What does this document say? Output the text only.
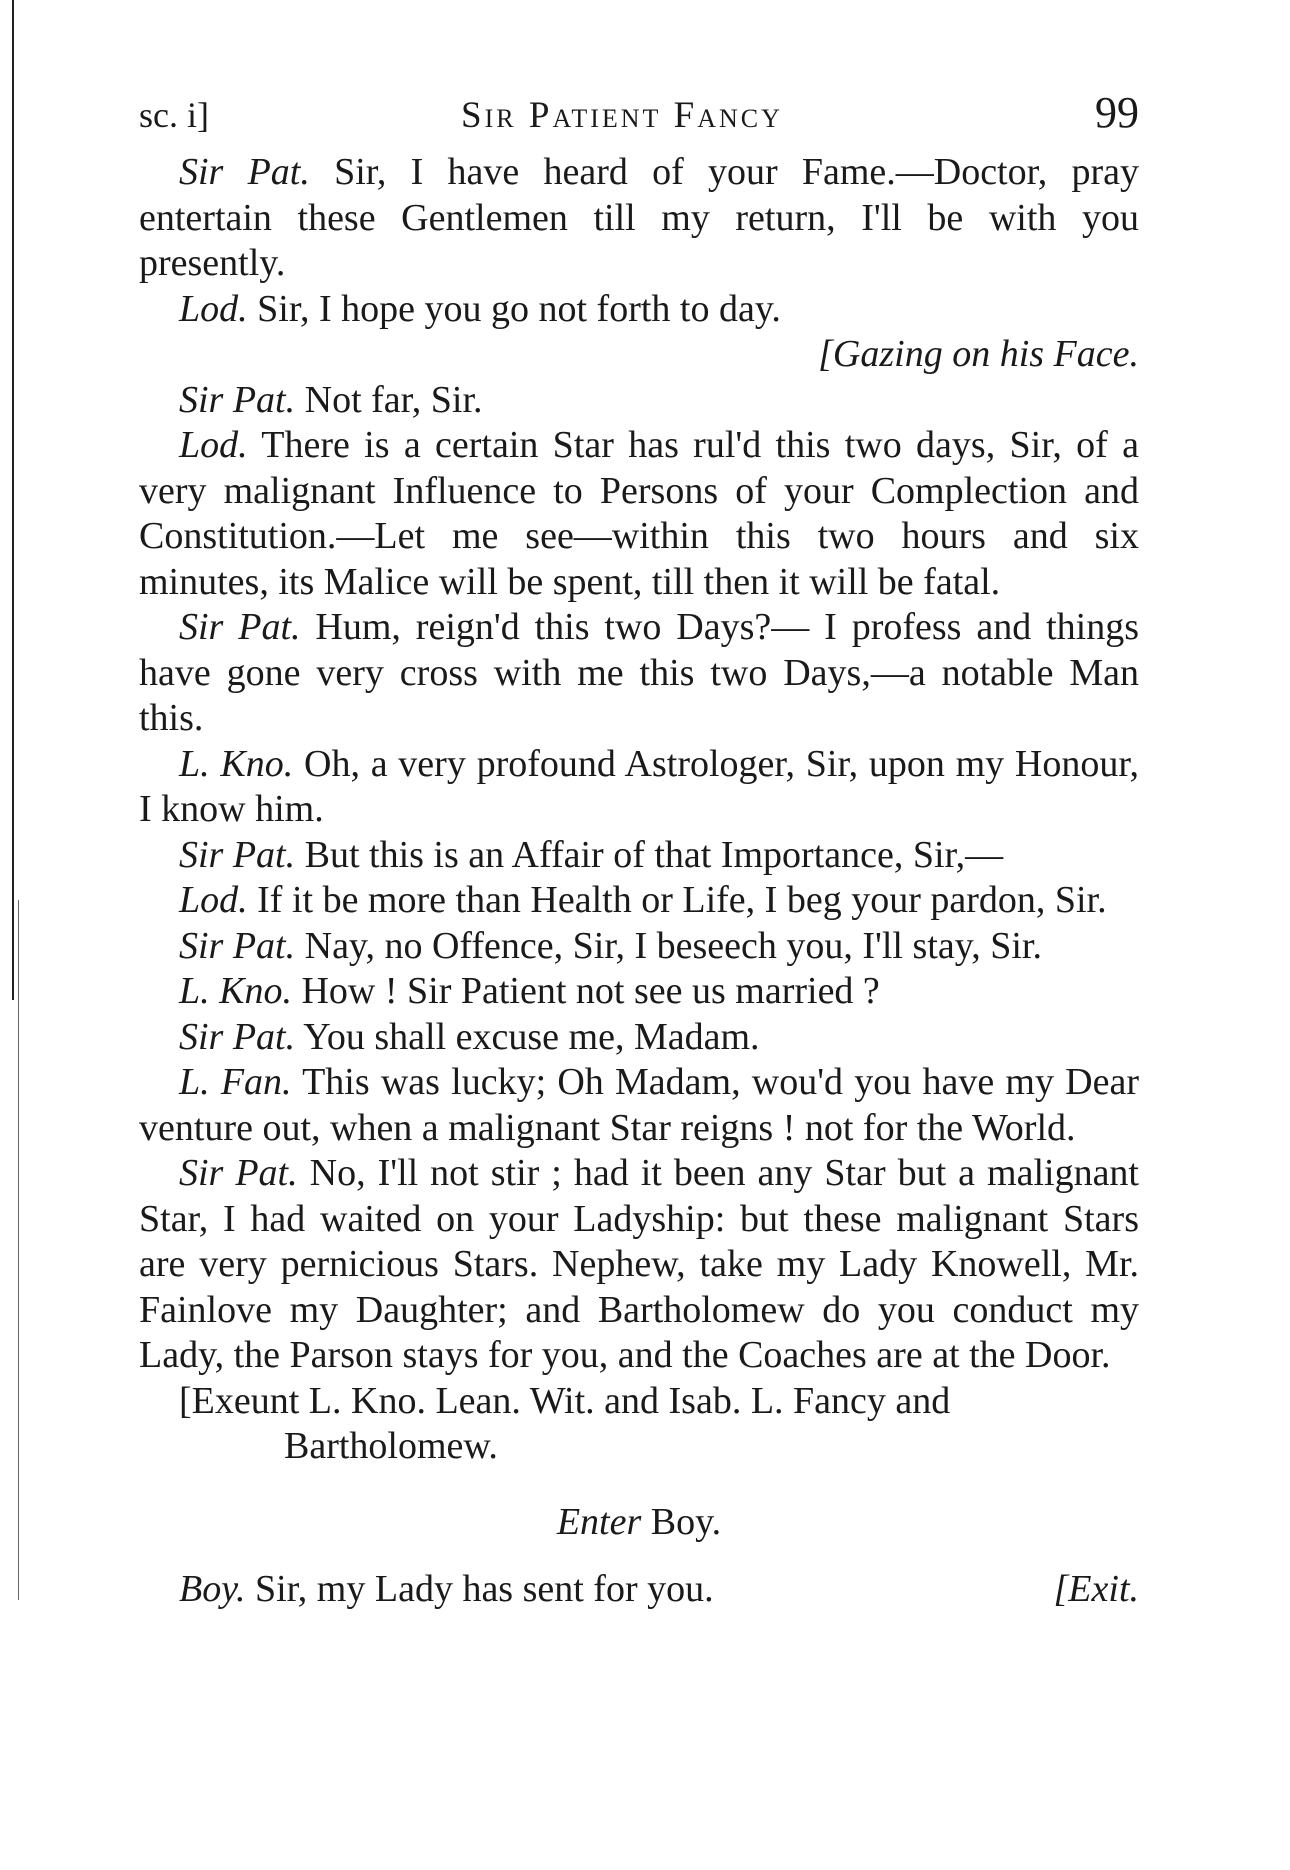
sc. i]	Sir Patient Fancy	99

Sir Pat. Sir, I have heard of your Fame.—Doctor, pray entertain these Gentlemen till my return, I'll be with you presently.

Lod. Sir, I hope you go not forth to day.

[Gazing on his Face.

Sir Pat. Not far, Sir.

Lod. There is a certain Star has rul'd this two days, Sir, of a very malignant Influence to Persons of your Complection and Constitution.—Let me see—within this two hours and six minutes, its Malice will be spent, till then it will be fatal.

Sir Pat. Hum, reign'd this two Days?— I profess and things have gone very cross with me this two Days,—a notable Man this.

L. Kno. Oh, a very profound Astrologer, Sir, upon my Honour, I know him.

Sir Pat. But this is an Affair of that Importance, Sir,—

Lod. If it be more than Health or Life, I beg your pardon, Sir.

Sir Pat. Nay, no Offence, Sir, I beseech you, I'll stay, Sir.

L. Kno. How ! Sir Patient not see us married ?

Sir Pat. You shall excuse me, Madam.

L. Fan. This was lucky; Oh Madam, wou'd you have my Dear venture out, when a malignant Star reigns ! not for the World.

Sir Pat. No, I'll not stir ; had it been any Star but a malignant Star, I had waited on your Ladyship: but these malignant Stars are very pernicious Stars. Nephew, take my Lady Knowell, Mr. Fainlove my Daughter; and Bartholomew do you conduct my Lady, the Parson stays for you, and the Coaches are at the Door.

[Exeunt L. Kno. Lean. Wit. and Isab. L. Fancy and
Bartholomew.

Enter Boy.

Boy. Sir, my Lady has sent for you.	[Exit.
